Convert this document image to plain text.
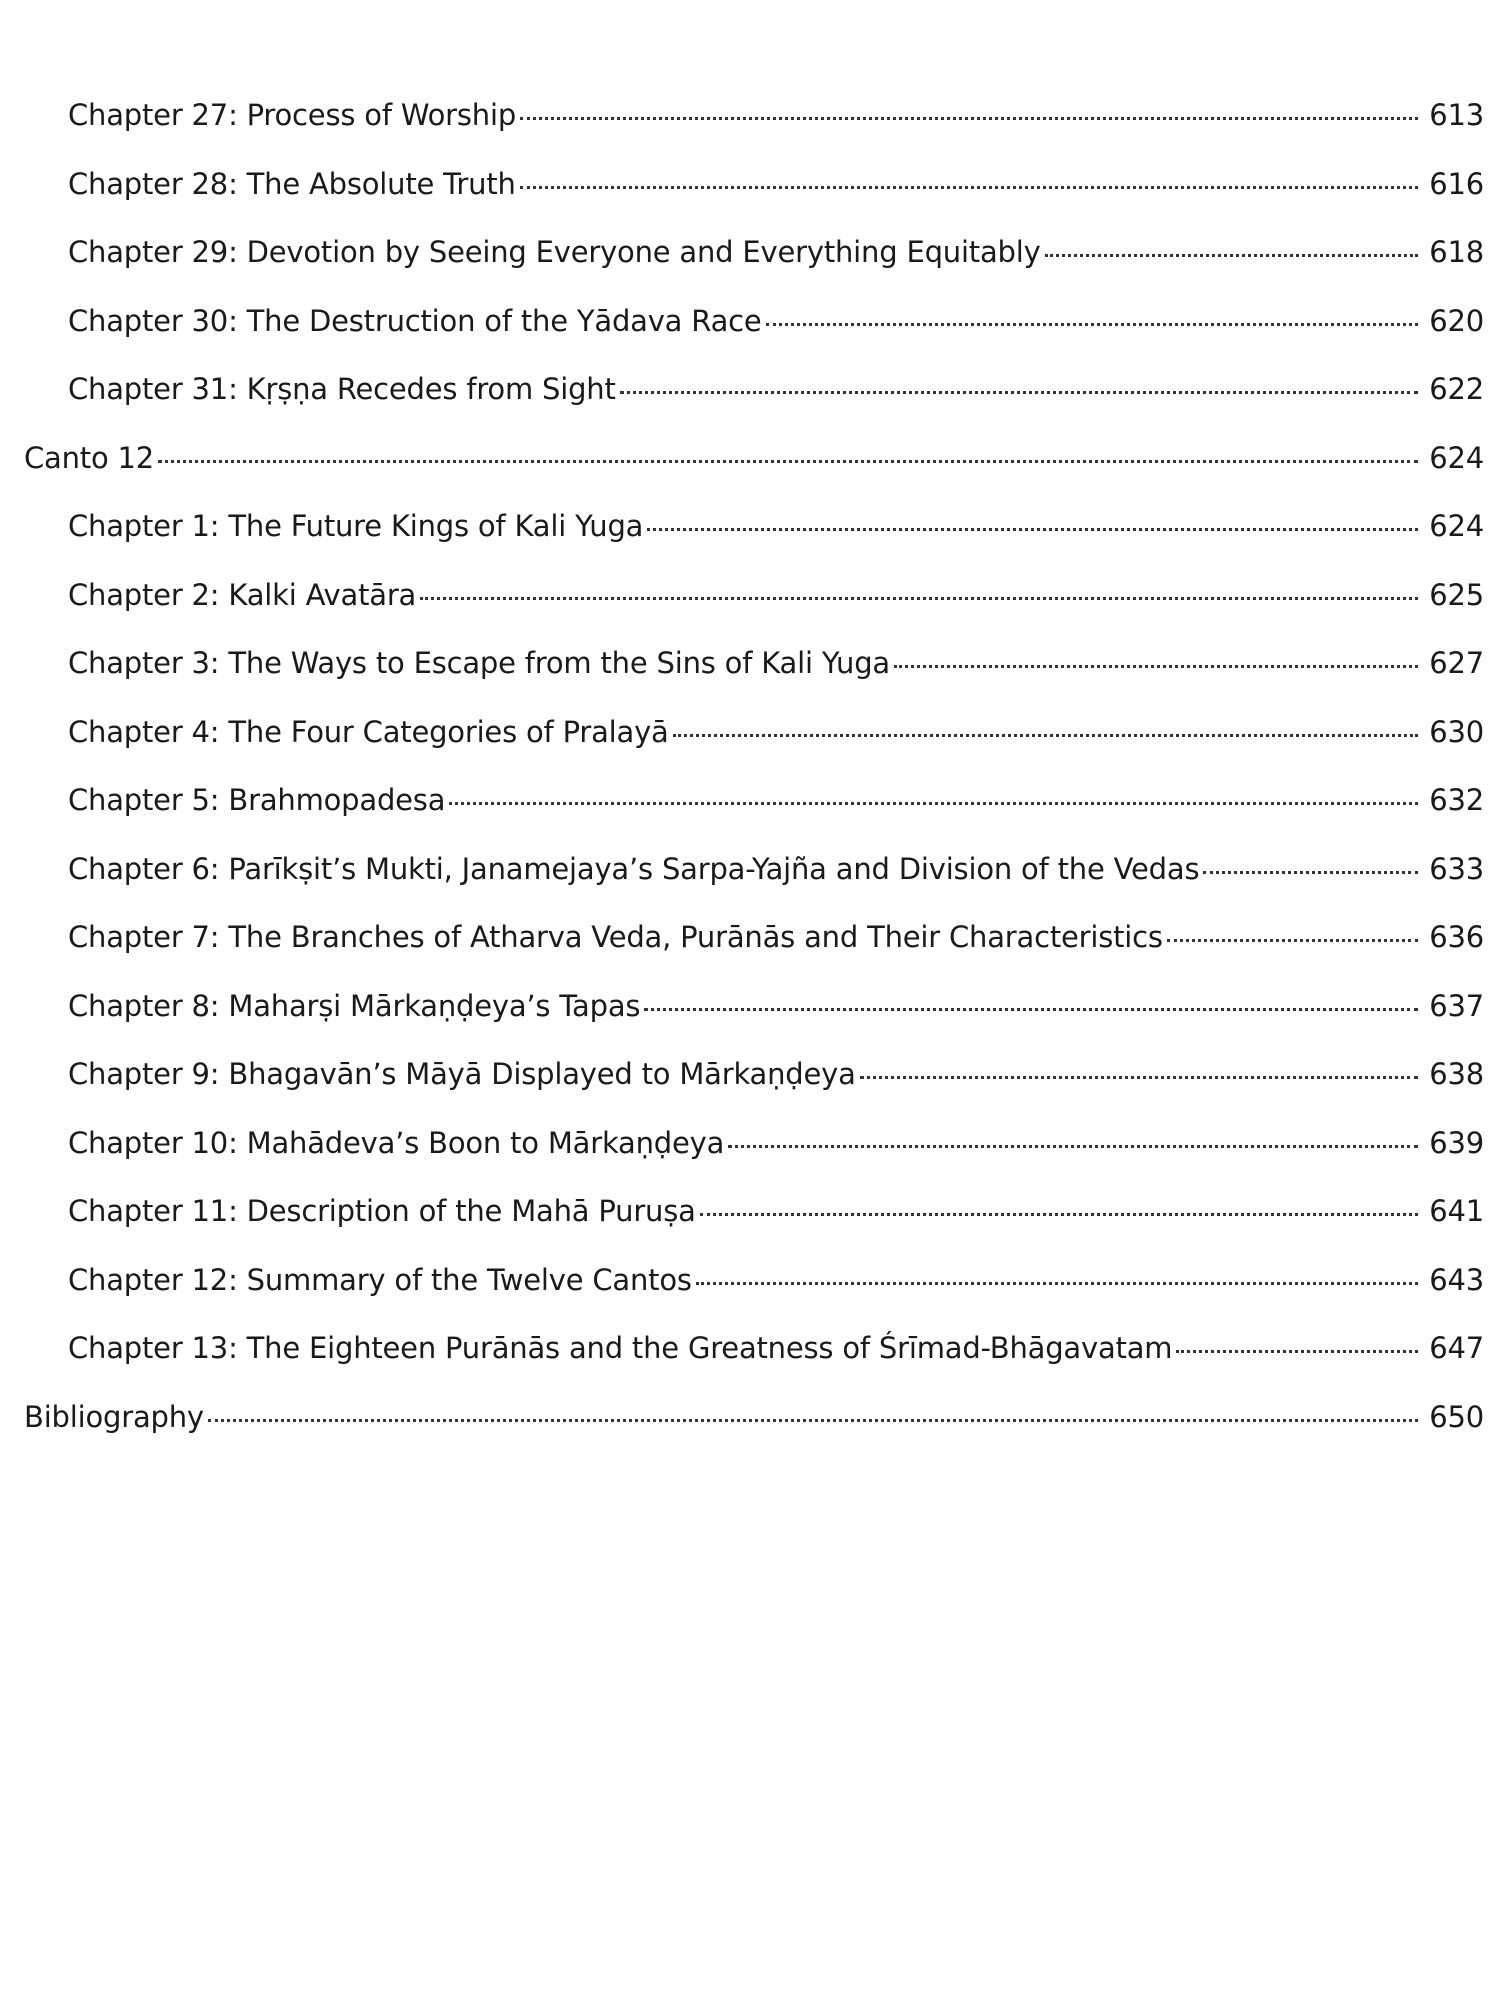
Chapter 27: Process of Worship	613
Chapter 28: The Absolute Truth	616
Chapter 29: Devotion by Seeing Everyone and Everything Equitably	618
Chapter 30: The Destruction of the Yādava Race	620
Chapter 31: Kṛṣṇa Recedes from Sight	622
Canto 12	624
Chapter 1: The Future Kings of Kali Yuga	624
Chapter 2: Kalki Avatāra	625
Chapter 3: The Ways to Escape from the Sins of Kali Yuga	627
Chapter 4: The Four Categories of Pralayā	630
Chapter 5: Brahmopadesa	632
Chapter 6: Parīkṣit’s Mukti, Janamejaya’s Sarpa-Yajña and Division of the Vedas	633
Chapter 7: The Branches of Atharva Veda, Purānās and Their Characteristics	636
Chapter 8: Maharṣi Mārkaṇḍeya’s Tapas	637
Chapter 9: Bhagavān’s Māyā Displayed to Mārkaṇḍeya	638
Chapter 10: Mahādeva’s Boon to Mārkaṇḍeya	639
Chapter 11: Description of the Mahā Puruṣa	641
Chapter 12: Summary of the Twelve Cantos	643
Chapter 13: The Eighteen Purānās and the Greatness of Śrīmad-Bhāgavatam	647
Bibliography	650
